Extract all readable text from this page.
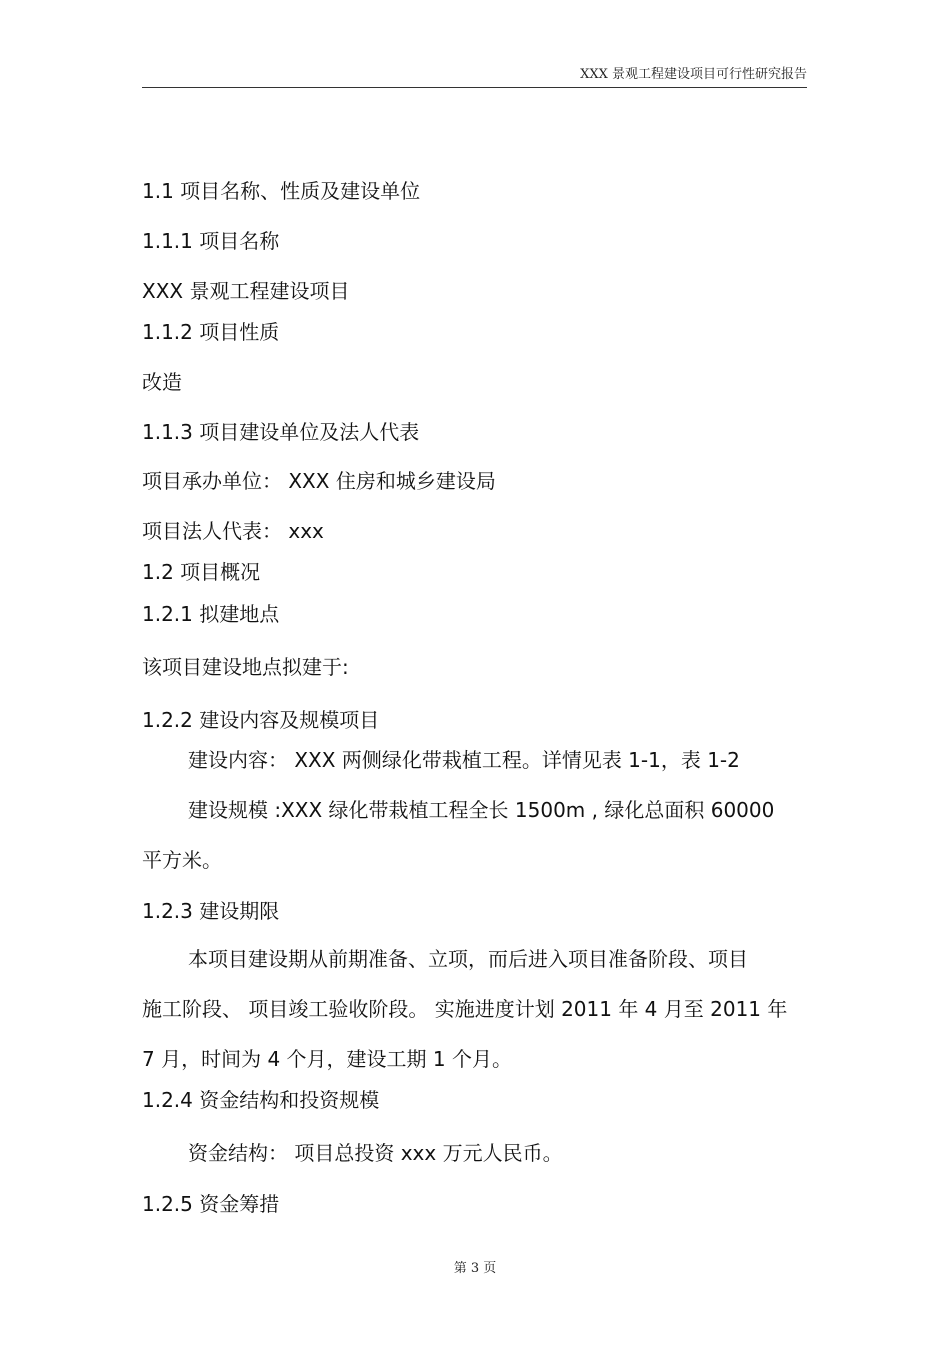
XXX 景观工程建设项目可行性研究报告
1.1 项目名称、性质及建设单位
1.1.1 项目名称
XXX 景观工程建设项目
1.1.2 项目性质
改造
1.1.3 项目建设单位及法人代表
项目承办单位： XXX 住房和城乡建设局
项目法人代表： xxx
1.2 项目概况
1.2.1 拟建地点
该项目建设地点拟建于:
1.2.2 建设内容及规模项目
建设内容： XXX 两侧绿化带栽植工程。详情见表 1-1，表 1-2
建设规模 :XXX 绿化带栽植工程全长 1500m , 绿化总面积 60000
平方米。
1.2.3 建设期限
本项目建设期从前期准备、立项，而后进入项目准备阶段、项目
施工阶段、 项目竣工验收阶段。 实施进度计划 2011 年 4 月至 2011 年
7 月，时间为 4 个月，建设工期 1 个月。
1.2.4 资金结构和投资规模
资金结构： 项目总投资 xxx 万元人民币。
1.2.5 资金筹措
第 3 页
